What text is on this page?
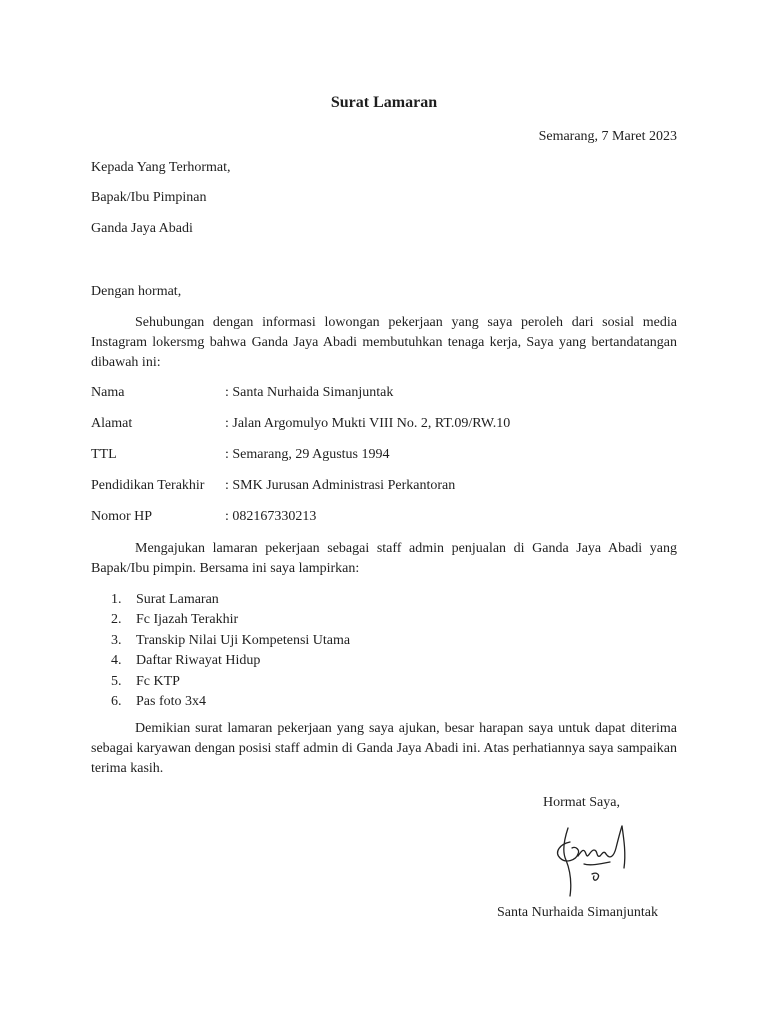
Surat Lamaran
Semarang, 7 Maret 2023
Kepada Yang Terhormat,
Bapak/Ibu Pimpinan
Ganda Jaya Abadi
Dengan hormat,
Sehubungan dengan informasi lowongan pekerjaan yang saya peroleh dari sosial media Instagram lokersmg bahwa Ganda Jaya Abadi membutuhkan tenaga kerja, Saya yang bertandatangan dibawah ini:
Nama	: Santa Nurhaida Simanjuntak
Alamat	: Jalan Argomulyo Mukti VIII No. 2, RT.09/RW.10
TTL	: Semarang, 29 Agustus 1994
Pendidikan Terakhir : SMK Jurusan Administrasi Perkantoran
Nomor HP	: 082167330213
Mengajukan lamaran pekerjaan sebagai staff admin penjualan di Ganda Jaya Abadi yang Bapak/Ibu pimpin. Bersama ini saya lampirkan:
1.	Surat Lamaran
2.	Fc Ijazah Terakhir
3.	Transkip Nilai Uji Kompetensi Utama
4.	Daftar Riwayat Hidup
5.	Fc KTP
6.	Pas foto 3x4
Demikian surat lamaran pekerjaan yang saya ajukan, besar harapan saya untuk dapat diterima sebagai karyawan dengan posisi staff admin di Ganda Jaya Abadi ini. Atas perhatiannya saya sampaikan terima kasih.
Hormat Saya,
Santa Nurhaida Simanjuntak
